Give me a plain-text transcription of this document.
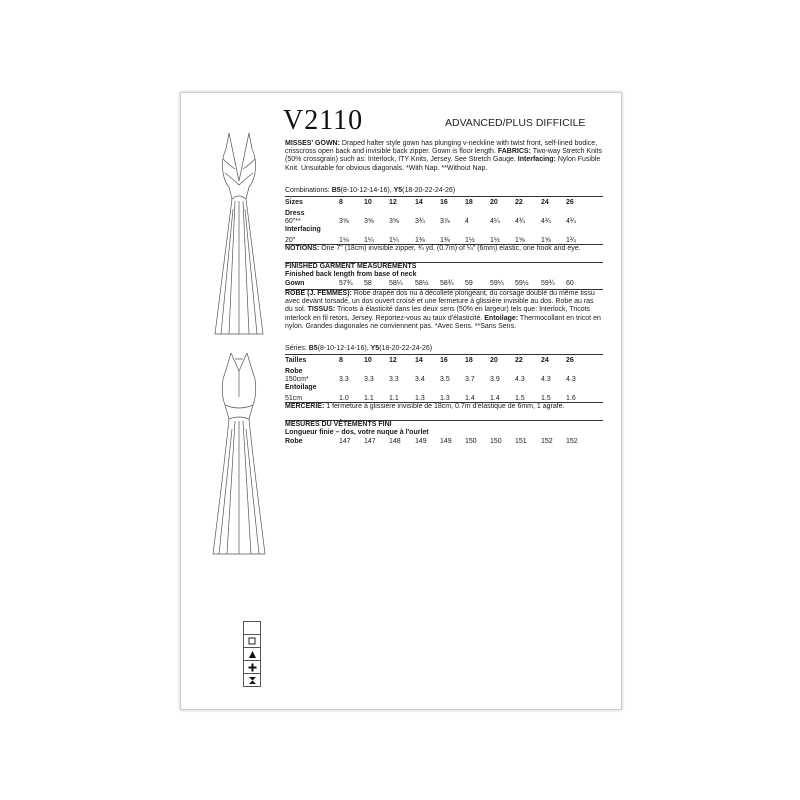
V2110	ADVANCED/PLUS DIFFICILE
MISSES' GOWN: Draped halter style gown has plunging v-neckline with twist front, self-lined bodice, crisscross open back and invisible back zipper. Gown is floor length. FABRICS: Two-way Stretch Knits (50% crossgrain) such as: Interlock, ITY Knits, Jersey. See Stretch Gauge. Interfacing: Nylon Fusible Knit. Unsuitable for obvious diagonals. *With Nap. **Without Nap.
Combinations: B5(8-10-12-14-16), Y5(18-20-22-24-26)
Sizes	8	10 12	14 16 18 20 22	24 26
Dress
60"**	3⅝ 3⅝ 3⅝ 3¾ 3⅞ 4	4¼ 4¾ 4¾ 4¾
Interfacing
20"	1⅛ 1¼ 1¼ 1⅜ 1⅜ 1½ 1½ 1⅝ 1⅝ 1¾
NOTIONS: One 7" (18cm) invisible zipper, ¾ yd. (0.7m) of ¼" (6mm) elastic, one hook and eye.
FINISHED GARMENT MEASUREMENTS
Finished back length from base of neck
Gown	57¾ 58 58¼ 58½ 58¾ 59 59¼ 59½ 59¾ 60
ROBE (J. FEMMES): Robe drapée dos nu à décolleté plongeant, du corsage doublé du même tissu avec devant torsadé, un dos ouvert croisé et une fermeture à glissière invisible au dos. Robe au ras du sol. TISSUS: Tricots à élasticité dans les deux sens (50% en largeur) tels que: Interlock, Tricots interlock en fil retors, Jersey. Reportez-vous au taux d'élasticité. Entoilage: Thermocollant en tricot en nylon. Grandes diagonales ne conviennent pas. *Avec Sens. **Sans Sens.
Séries: B5(8-10-12-14-16), Y5(18-20-22-24-26)
Tailles	8	10 12	14 16 18 20 22	24 26
Robe
150cm*	3.3 3.3 3.3 3.4 3.5 3.7 3.9 4.3 4.3 4.3
Entoilage
51cm	1.0 1.1 1.1 1.3 1.3 1.4 1.4 1.5 1.5 1.6
MERCERIE: 1 fermeture à glissière invisible de 18cm, 0.7m d'élastique de 6mm, 1 agrafe.
MESURES DU VÊTEMENTS FINI
Longueur finie – dos, votre nuque à l'ourlet
Robe	147 147 148 149 149 150 150 151 152 152
